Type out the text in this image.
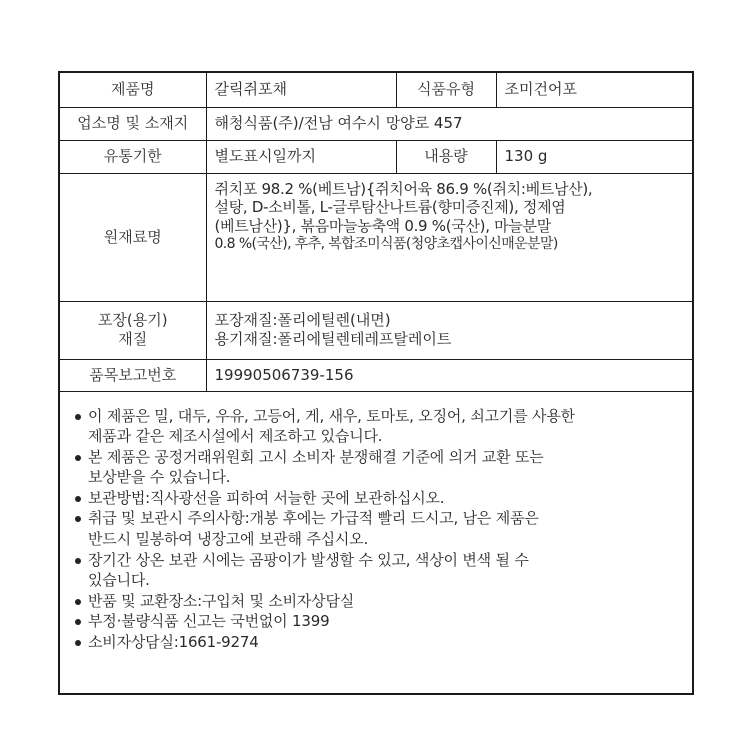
제품명	갈릭쥐포채	식품유형	조미건어포
업소명 및 소재지	해청식품(주)/전남 여수시 망양로 457		
유통기한	별도표시일까지	내용량	130 g
원재료명	쥐치포 98.2 %(베트남){쥐치어육 86.9 %(쥐치:베트남산),
설탕, D-소비톨, L-글루탐산나트륨(향미증진제), 정제염
(베트남산)}, 볶음마늘농축액 0.9 %(국산), 마늘분말
0.8 %(국산), 후추, 복합조미식품(청양초캡사이신매운분말)		

포장(용기)
재질	포장재질:폴리에틸렌(내면)
용기재질:폴리에틸렌테레프탈레이트		

품목보고번호	19990506739-156		
이 제품은 밀, 대두, 우유, 고등어, 게, 새우, 토마토, 오징어, 쇠고기를 사용한
제품과 같은 제조시설에서 제조하고 있습니다.
본 제품은 공정거래위원회 고시 소비자 분쟁해결 기준에 의거 교환 또는
보상받을 수 있습니다.
보관방법:직사광선을 피하여 서늘한 곳에 보관하십시오.
취급 및 보관시 주의사항:개봉 후에는 가급적 빨리 드시고, 남은 제품은
반드시 밀봉하여 냉장고에 보관해 주십시오.
장기간 상온 보관 시에는 곰팡이가 발생할 수 있고, 색상이 변색 될 수
있습니다.
반품 및 교환장소:구입처 및 소비자상담실
부정·불량식품 신고는 국번없이 1399
소비자상담실:1661-9274
